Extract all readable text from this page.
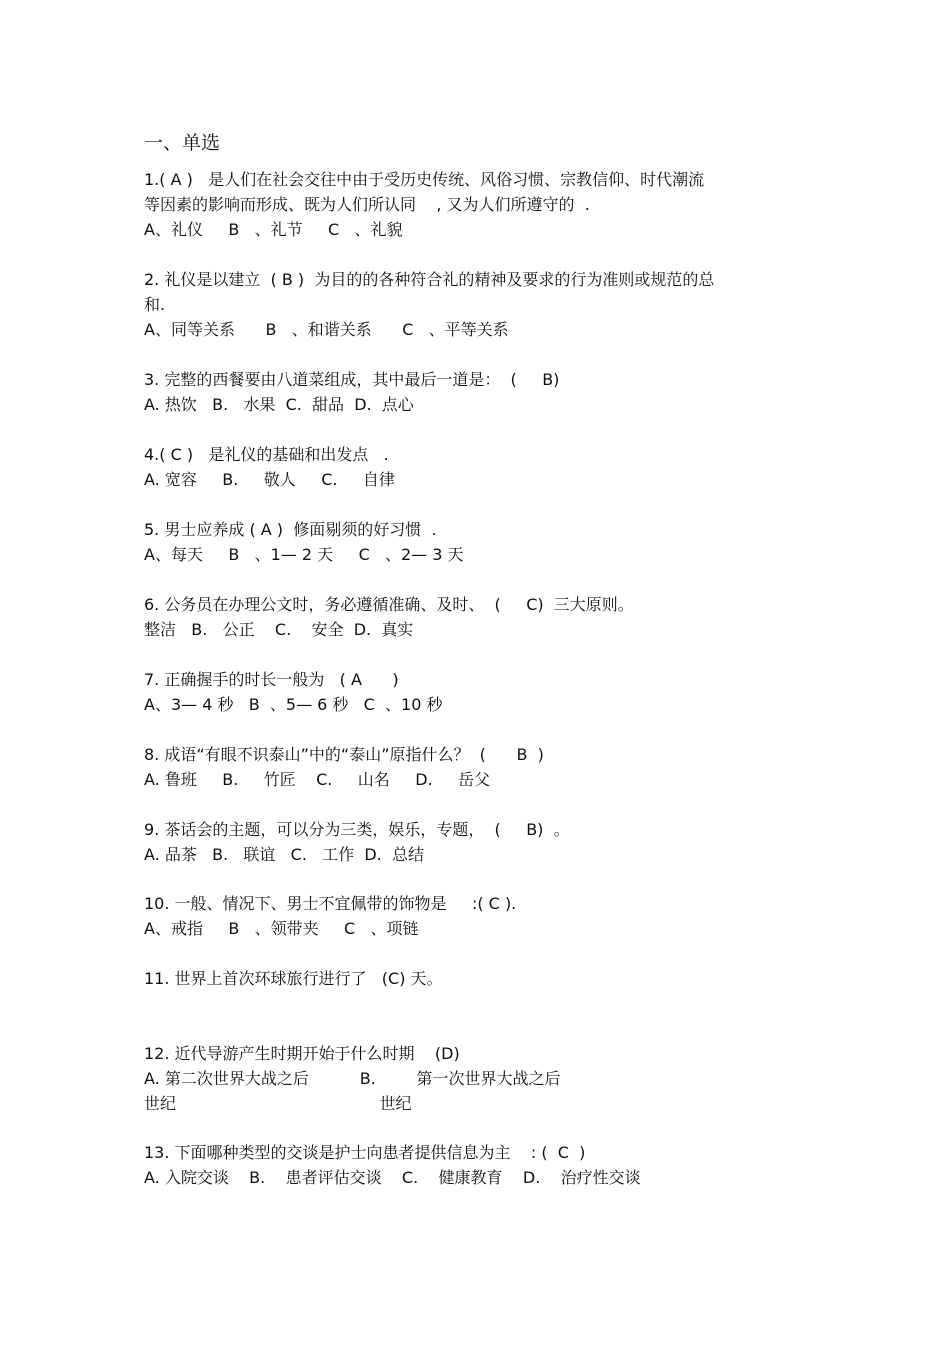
一、单选
1.( A )   是人们在社会交往中由于受历史传统、风俗习惯、宗教信仰、时代潮流
等因素的影响而形成、既为人们所认同    , 又为人们所遵守的  .
A、礼仪     B   、礼节     C   、礼貌
2. 礼仪是以建立  ( B )  为目的的各种符合礼的精神及要求的行为准则或规范的总
和.
A、同等关系      B   、和谐关系      C   、平等关系
3. 完整的西餐要由八道菜组成，其中最后一道是：  (     B)
A. 热饮   B.   水果  C.  甜品  D.  点心
4.( C )   是礼仪的基础和出发点   .
A. 宽容     B.     敬人     C.     自律
5. 男士应养成 ( A )  修面剔须的好习惯  .
A、每天     B   、1— 2 天     C   、2— 3 天
6. 公务员在办理公文时，务必遵循准确、及时、  (     C)  三大原则。
整洁   B.   公正    C.    安全  D.  真实
7. 正确握手的时长一般为   ( A      )
A、3— 4 秒   B  、5— 6 秒   C  、10 秒
8. 成语“有眼不识泰山”中的“泰山”原指什么？  (      B  )
A. 鲁班     B.     竹匠    C.     山名     D.     岳父
9. 茶话会的主题，可以分为三类，娱乐，专题，  (     B)  。
A. 品茶   B.   联谊   C.   工作  D.  总结
10. 一般、情况下、男士不宜佩带的饰物是     :( C ).
A、戒指     B   、领带夹     C   、项链
11. 世界上首次环球旅行进行了   (C) 天。
12. 近代导游产生时期开始于什么时期    (D)
A. 第二次世界大战之后          B.        第一次世界大战之后
世纪                                        世纪
13. 下面哪种类型的交谈是护士向患者提供信息为主    : (  C  )
A. 入院交谈    B.    患者评估交谈    C.    健康教育    D.    治疗性交谈
